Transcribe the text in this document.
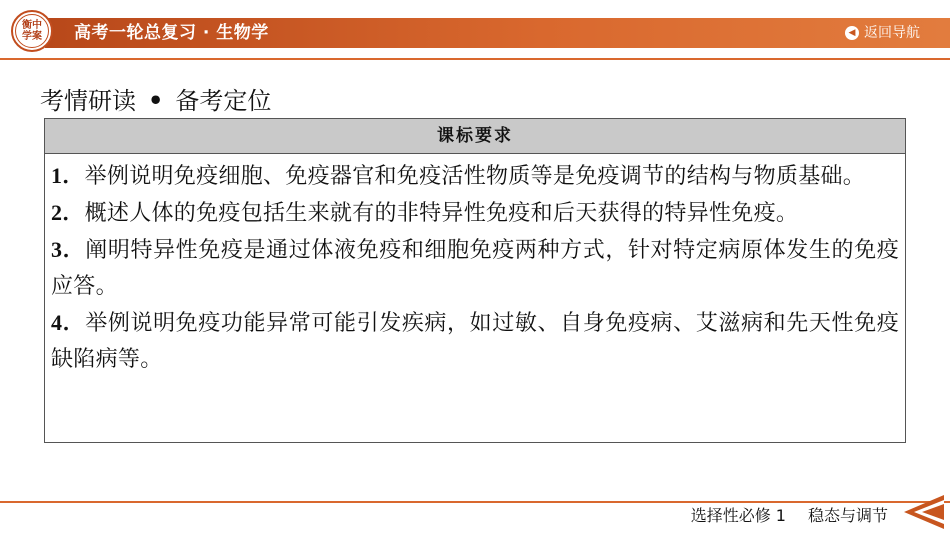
衡中
学案 高考一轮总复习 · 生物学	◀ 返回导航
考情研读 • 备考定位
课标要求
1．举例说明免疫细胞、免疫器官和免疫活性物质等是免疫调节的结构与物质基础。
2．概述人体的免疫包括生来就有的非特异性免疫和后天获得的特异性免疫。
3．阐明特异性免疫是通过体液免疫和细胞免疫两种方式，针对特定病原体发生的免疫应答。
4．举例说明免疫功能异常可能引发疾病，如过敏、自身免疫病、艾滋病和先天性免疫缺陷病等。
选择性必修 1 稳态与调节
